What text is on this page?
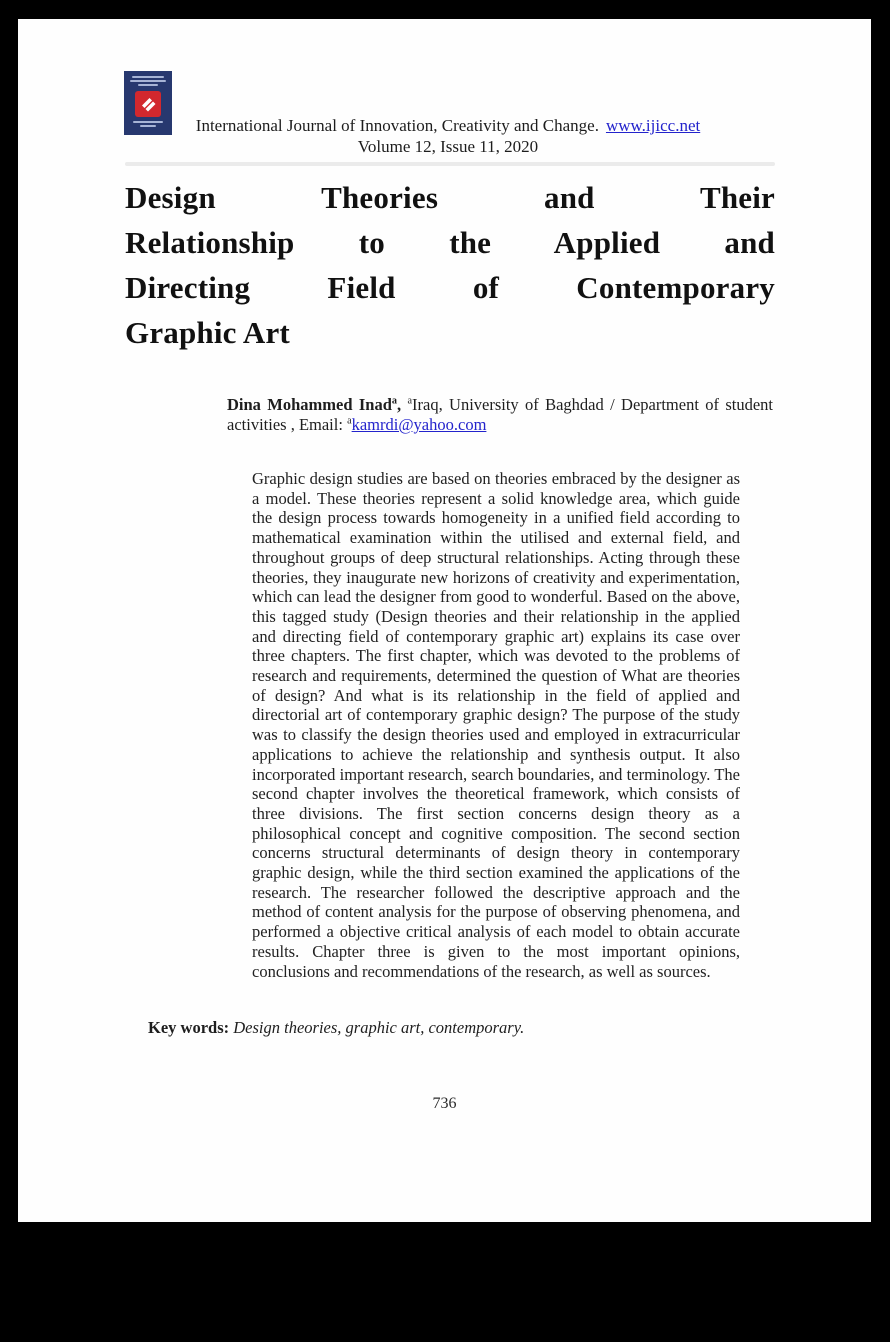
International Journal of Innovation, Creativity and Change. www.ijicc.net
Volume 12, Issue 11, 2020
Design Theories and Their
Relationship to the Applied and
Directing Field of Contemporary
Graphic Art
Dina Mohammed Inad$^a$, $^a$Iraq, University of Baghdad / Department of student activities , Email: $^a$kamrdi@yahoo.com
Graphic design studies are based on theories embraced by the designer as a model. These theories represent a solid knowledge area, which guide the design process towards homogeneity in a unified field according to mathematical examination within the utilised and external field, and throughout groups of deep structural relationships. Acting through these theories, they inaugurate new horizons of creativity and experimentation, which can lead the designer from good to wonderful. Based on the above, this tagged study (Design theories and their relationship in the applied and directing field of contemporary graphic art) explains its case over three chapters. The first chapter, which was devoted to the problems of research and requirements, determined the question of What are theories of design? And what is its relationship in the field of applied and directorial art of contemporary graphic design? The purpose of the study was to classify the design theories used and employed in extracurricular applications to achieve the relationship and synthesis output. It also incorporated important research, search boundaries, and terminology. The second chapter involves the theoretical framework, which consists of three divisions. The first section concerns design theory as a philosophical concept and cognitive composition. The second section concerns structural determinants of design theory in contemporary graphic design, while the third section examined the applications of the research. The researcher followed the descriptive approach and the method of content analysis for the purpose of observing phenomena, and performed a objective critical analysis of each model to obtain accurate results. Chapter three is given to the most important opinions, conclusions and recommendations of the research, as well as sources.
Key words: Design theories, graphic art, contemporary.
736
